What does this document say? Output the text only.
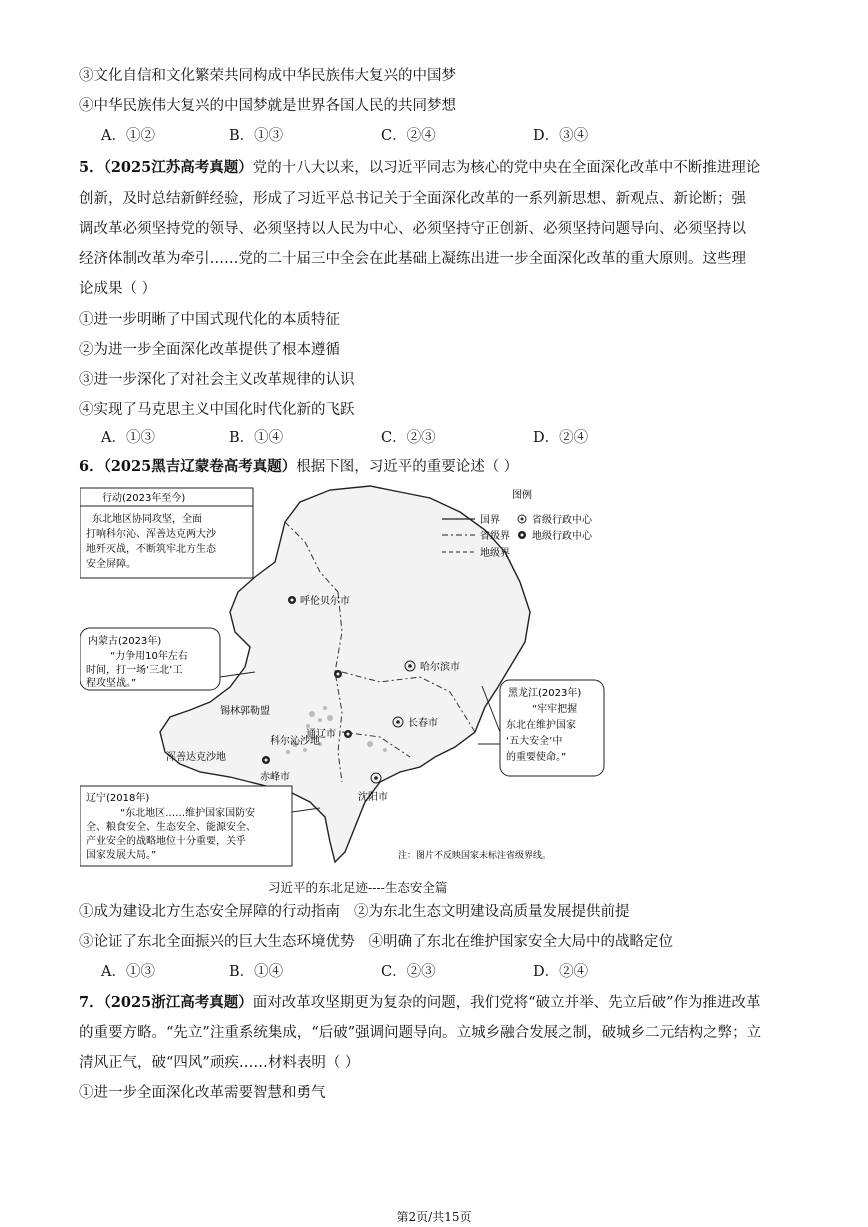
③文化自信和文化繁荣共同构成中华民族伟大复兴的中国梦
④中华民族伟大复兴的中国梦就是世界各国人民的共同梦想
A．①②	B．①③	C．②④	D．③④
5．（2025江苏高考真题）党的十八大以来，以习近平同志为核心的党中央在全面深化改革中不断推进理论
创新，及时总结新鲜经验，形成了习近平总书记关于全面深化改革的一系列新思想、新观点、新论断；强
调改革必须坚持党的领导、必须坚持以人民为中心、必须坚持守正创新、必须坚持问题导向、必须坚持以
经济体制改革为牵引……党的二十届三中全会在此基础上凝练出进一步全面深化改革的重大原则。这些理
论成果（ ）
①进一步明晰了中国式现代化的本质特征
②为进一步全面深化改革提供了根本遵循
③进一步深化了对社会主义改革规律的认识
④实现了马克思主义中国化时代化新的飞跃
A．①③	B．①④	C．②③	D．②④
6．（2025黑吉辽蒙卷高考真题）根据下图，习近平的重要论述（ ）
行动(2023年至今)
东北地区协同攻坚，全面
打响科尔沁、浑善达克两大沙
地歼灭战，不断筑牢北方生态
安全屏障。
图例
国界	省级行政中心
省级界 地级行政中心
地级界
呼伦贝尔市
哈尔滨市
长春市
沈阳市
通辽市
赤峰市
科尔沁沙地
浑善达克沙地
锡林郭勒盟
内蒙古(2023年)
“力争用10年左右
时间，打一场‘三北’工
程攻坚战。”
黑龙江(2023年)
“牢牢把握
东北在维护国家
‘五大安全’中
的重要使命。”
辽宁(2018年)
“东北地区……维护国家国防安
全、粮食安全、生态安全、能源安全、
产业安全的战略地位十分重要，关乎
国家发展大局。”	注：图片不反映国家未标注省级界线。
习近平的东北足迹----生态安全篇
①成为建设北方生态安全屏障的行动指南 ②为东北生态文明建设高质量发展提供前提
③论证了东北全面振兴的巨大生态环境优势 ④明确了东北在维护国家安全大局中的战略定位
A．①③	B．①④	C．②③	D．②④
7．（2025浙江高考真题）面对改革攻坚期更为复杂的问题，我们党将“破立并举、先立后破”作为推进改革
的重要方略。“先立”注重系统集成，“后破”强调问题导向。立城乡融合发展之制，破城乡二元结构之弊；立
清风正气，破“四风”顽疾……材料表明（ ）
①进一步全面深化改革需要智慧和勇气
第2页/共15页
